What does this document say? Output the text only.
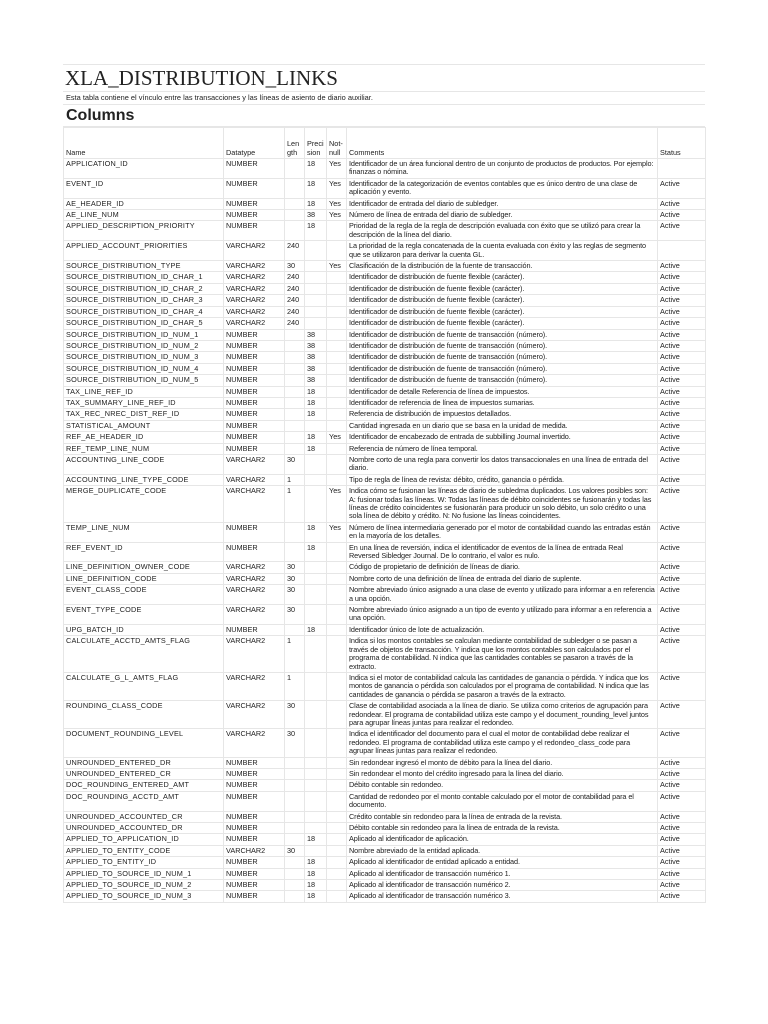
XLA_DISTRIBUTION_LINKS
Esta tabla contiene el vínculo entre las transacciones y las líneas de asiento de diario auxiliar.
Columns
Name	Datatype	Length	Precision	Not-null	Comments	Status
APPLICATION_ID	NUMBER		18	Yes	Identificador de un área funcional dentro de un conjunto de productos de productos. Por ejemplo: finanzas o nómina.	
EVENT_ID	NUMBER		18	Yes	Identificador de la categorización de eventos contables que es único dentro de una clase de aplicación y evento.	Active
AE_HEADER_ID	NUMBER		18	Yes	Identificador de entrada del diario de subledger.	Active
AE_LINE_NUM	NUMBER		38	Yes	Número de línea de entrada del diario de subledger.	Active
APPLIED_DESCRIPTION_PRIORITY	NUMBER		18		Prioridad de la regla de la regla de descripción evaluada con éxito que se utilizó para crear la descripción de la línea del diario.	Active
APPLIED_ACCOUNT_PRIORITIES	VARCHAR2	240			La prioridad de la regla concatenada de la cuenta evaluada con éxito y las reglas de segmento que se utilizaron para derivar la cuenta GL.	
SOURCE_DISTRIBUTION_TYPE	VARCHAR2	30		Yes	Clasificación de la distribución de la fuente de transacción.	Active
SOURCE_DISTRIBUTION_ID_CHAR_1	VARCHAR2	240			Identificador de distribución de fuente flexible (carácter).	Active
SOURCE_DISTRIBUTION_ID_CHAR_2	VARCHAR2	240			Identificador de distribución de fuente flexible (carácter).	Active
SOURCE_DISTRIBUTION_ID_CHAR_3	VARCHAR2	240			Identificador de distribución de fuente flexible (carácter).	Active
SOURCE_DISTRIBUTION_ID_CHAR_4	VARCHAR2	240			Identificador de distribución de fuente flexible (carácter).	Active
SOURCE_DISTRIBUTION_ID_CHAR_5	VARCHAR2	240			Identificador de distribución de fuente flexible (carácter).	Active
SOURCE_DISTRIBUTION_ID_NUM_1	NUMBER		38		Identificador de distribución de fuente de transacción (número).	Active
SOURCE_DISTRIBUTION_ID_NUM_2	NUMBER		38		Identificador de distribución de fuente de transacción (número).	Active
SOURCE_DISTRIBUTION_ID_NUM_3	NUMBER		38		Identificador de distribución de fuente de transacción (número).	Active
SOURCE_DISTRIBUTION_ID_NUM_4	NUMBER		38		Identificador de distribución de fuente de transacción (número).	Active
SOURCE_DISTRIBUTION_ID_NUM_5	NUMBER		38		Identificador de distribución de fuente de transacción (número).	Active
TAX_LINE_REF_ID	NUMBER		18		Identificador de detalle Referencia de línea de impuestos.	Active
TAX_SUMMARY_LINE_REF_ID	NUMBER		18		Identificador de referencia de línea de impuestos sumarias.	Active
TAX_REC_NREC_DIST_REF_ID	NUMBER		18		Referencia de distribución de impuestos detallados.	Active
STATISTICAL_AMOUNT	NUMBER				Cantidad ingresada en un diario que se basa en la unidad de medida.	Active
REF_AE_HEADER_ID	NUMBER		18	Yes	Identificador de encabezado de entrada de subbilling Journal invertido.	Active
REF_TEMP_LINE_NUM	NUMBER		18		Referencia de número de línea temporal.	Active
ACCOUNTING_LINE_CODE	VARCHAR2	30			Nombre corto de una regla para convertir los datos transaccionales en una línea de entrada del diario.	Active
ACCOUNTING_LINE_TYPE_CODE	VARCHAR2	1			Tipo de regla de línea de revista: débito, crédito, ganancia o pérdida.	Active
MERGE_DUPLICATE_CODE	VARCHAR2	1		Yes	Indica cómo se fusionan las líneas de diario de subledma duplicados. Los valores posibles son: A: fusionar todas las líneas. W: Todas las líneas de débito coincidentes se fusionarán y todas las líneas de crédito coincidentes se fusionarán para producir un solo débito, un solo crédito o una sola línea de débito y crédito. N: No fusione las líneas coincidentes.	Active
TEMP_LINE_NUM	NUMBER		18	Yes	Número de línea intermediaria generado por el motor de contabilidad cuando las entradas están en la mayoría de los detalles.	Active
REF_EVENT_ID	NUMBER		18		En una línea de reversión, indica el identificador de eventos de la línea de entrada Real Reversed Sibledger Journal. De lo contrario, el valor es nulo.	Active
LINE_DEFINITION_OWNER_CODE	VARCHAR2	30			Código de propietario de definición de líneas de diario.	Active
LINE_DEFINITION_CODE	VARCHAR2	30			Nombre corto de una definición de línea de entrada del diario de suplente.	Active
EVENT_CLASS_CODE	VARCHAR2	30			Nombre abreviado único asignado a una clase de evento y utilizado para informar a en referencia a una opción.	Active
EVENT_TYPE_CODE	VARCHAR2	30			Nombre abreviado único asignado a un tipo de evento y utilizado para informar a en referencia a una opción.	Active
UPG_BATCH_ID	NUMBER		18		Identificador único de lote de actualización.	Active
CALCULATE_ACCTD_AMTS_FLAG	VARCHAR2	1			Indica si los montos contables se calculan mediante contabilidad de subledger o se pasan a través de objetos de transacción. Y indica que los montos contables son calculados por el programa de contabilidad. N indica que las cantidades contables se pasaron a través de la extracto.	Active
CALCULATE_G_L_AMTS_FLAG	VARCHAR2	1			Indica si el motor de contabilidad calcula las cantidades de ganancia o pérdida. Y indica que los montos de ganancia o pérdida son calculados por el programa de contabilidad. N indica que las cantidades de ganancia o pérdida se pasaron a través de la extracto.	Active
ROUNDING_CLASS_CODE	VARCHAR2	30			Clase de contabilidad asociada a la línea de diario. Se utiliza como criterios de agrupación para redondear. El programa de contabilidad utiliza este campo y el document_rounding_level juntos para agrupar líneas juntas para realizar el redondeo.	Active
DOCUMENT_ROUNDING_LEVEL	VARCHAR2	30			Indica el identificador del documento para el cual el motor de contabilidad debe realizar el redondeo. El programa de contabilidad utiliza este campo y el redondeo_class_code para agrupar líneas juntas para realizar el redondeo.	Active
UNROUNDED_ENTERED_DR	NUMBER				Sin redondear ingresó el monto de débito para la línea del diario.	Active
UNROUNDED_ENTERED_CR	NUMBER				Sin redondear el monto del crédito ingresado para la línea del diario.	Active
DOC_ROUNDING_ENTERED_AMT	NUMBER				Débito contable sin redondeo.	Active
DOC_ROUNDING_ACCTD_AMT	NUMBER				Cantidad de redondeo por el monto contable calculado por el motor de contabilidad para el documento.	Active
UNROUNDED_ACCOUNTED_CR	NUMBER				Crédito contable sin redondeo para la línea de entrada de la revista.	Active
UNROUNDED_ACCOUNTED_DR	NUMBER				Débito contable sin redondeo para la línea de entrada de la revista.	Active
APPLIED_TO_APPLICATION_ID	NUMBER		18		Aplicado al identificador de aplicación.	Active
APPLIED_TO_ENTITY_CODE	VARCHAR2	30			Nombre abreviado de la entidad aplicada.	Active
APPLIED_TO_ENTITY_ID	NUMBER		18		Aplicado al identificador de entidad aplicado a entidad.	Active
APPLIED_TO_SOURCE_ID_NUM_1	NUMBER		18		Aplicado al identificador de transacción numérico 1.	Active
APPLIED_TO_SOURCE_ID_NUM_2	NUMBER		18		Aplicado al identificador de transacción numérico 2.	Active
APPLIED_TO_SOURCE_ID_NUM_3	NUMBER		18		Aplicado al identificador de transacción numérico 3.	Active
